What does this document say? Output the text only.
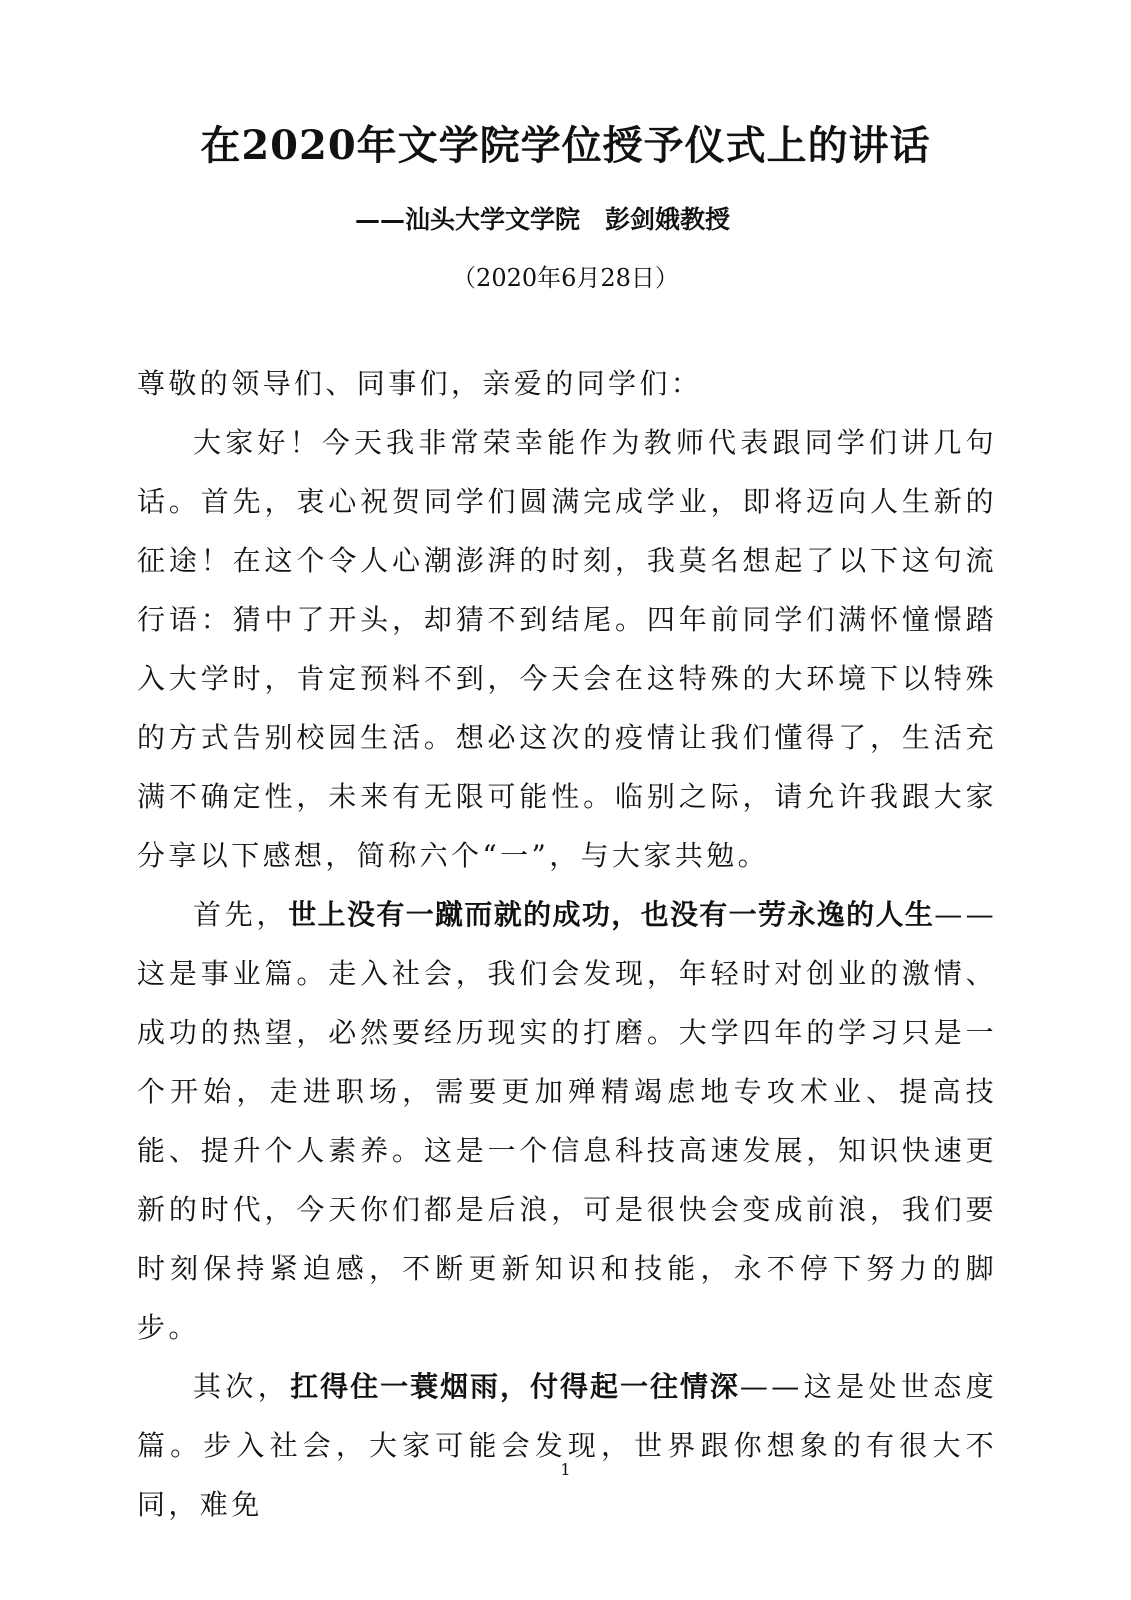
在2020年文学院学位授予仪式上的讲话
——汕头大学文学院　彭剑娥教授
（2020年6月28日）

尊敬的领导们、同事们，亲爱的同学们：

大家好！今天我非常荣幸能作为教师代表跟同学们讲几句话。首先，衷心祝贺同学们圆满完成学业，即将迈向人生新的征途！在这个令人心潮澎湃的时刻，我莫名想起了以下这句流行语：猜中了开头，却猜不到结尾。四年前同学们满怀憧憬踏入大学时，肯定预料不到，今天会在这特殊的大环境下以特殊的方式告别校园生活。想必这次的疫情让我们懂得了，生活充满不确定性，未来有无限可能性。临别之际，请允许我跟大家分享以下感想，简称六个“一”，与大家共勉。

首先，世上没有一蹴而就的成功，也没有一劳永逸的人生——这是事业篇。走入社会，我们会发现，年轻时对创业的激情、成功的热望，必然要经历现实的打磨。大学四年的学习只是一个开始，走进职场，需要更加殚精竭虑地专攻术业、提高技能、提升个人素养。这是一个信息科技高速发展，知识快速更新的时代，今天你们都是后浪，可是很快会变成前浪，我们要时刻保持紧迫感，不断更新知识和技能，永不停下努力的脚步。

其次，扛得住一蓑烟雨，付得起一往情深——这是处世态度篇。步入社会，大家可能会发现，世界跟你想象的有很大不同，难免

1
